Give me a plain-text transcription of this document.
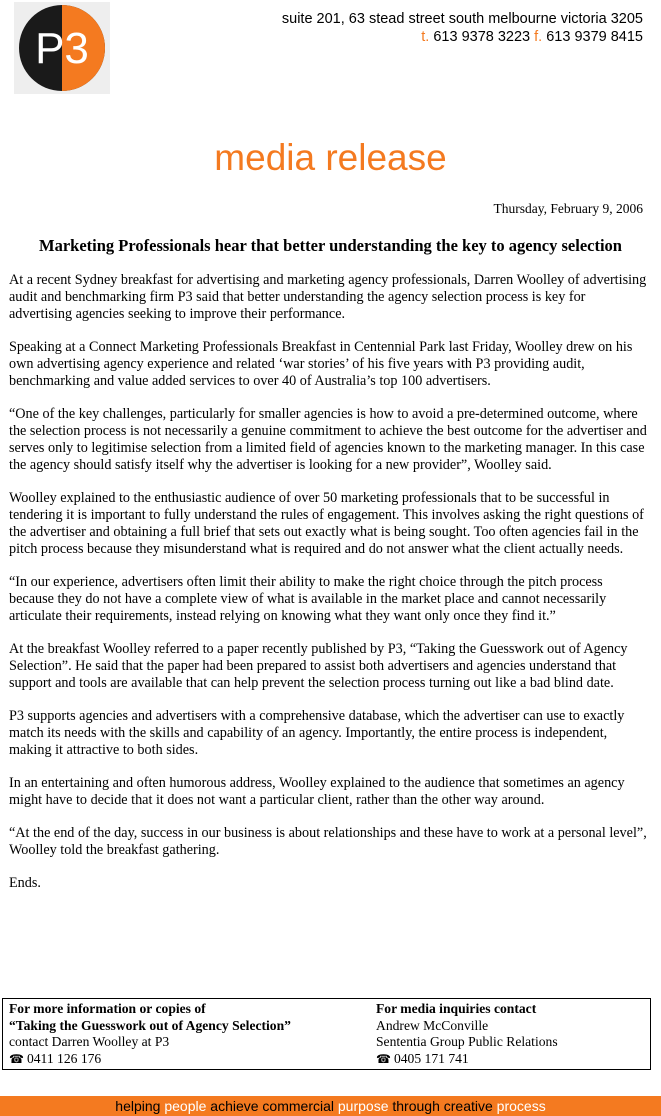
P3
suite 201, 63 stead street south melbourne victoria 3205
t. 613 9378 3223 f. 613 9379 8415
media release
Thursday, February 9, 2006
Marketing Professionals hear that better understanding the key to agency selection

At a recent Sydney breakfast for advertising and marketing agency professionals, Darren Woolley of advertising audit and benchmarking firm P3 said that better understanding the agency selection process is key for advertising agencies seeking to improve their performance.

Speaking at a Connect Marketing Professionals Breakfast in Centennial Park last Friday, Woolley drew on his own advertising agency experience and related ‘war stories’ of his five years with P3 providing audit, benchmarking and value added services to over 40 of Australia’s top 100 advertisers.

“One of the key challenges, particularly for smaller agencies is how to avoid a pre-determined outcome, where the selection process is not necessarily a genuine commitment to achieve the best outcome for the advertiser and serves only to legitimise selection from a limited field of agencies known to the marketing manager. In this case the agency should satisfy itself why the advertiser is looking for a new provider”, Woolley said.

Woolley explained to the enthusiastic audience of over 50 marketing professionals that to be successful in tendering it is important to fully understand the rules of engagement. This involves asking the right questions of the advertiser and obtaining a full brief that sets out exactly what is being sought. Too often agencies fail in the pitch process because they misunderstand what is required and do not answer what the client actually needs.

“In our experience, advertisers often limit their ability to make the right choice through the pitch process because they do not have a complete view of what is available in the market place and cannot necessarily articulate their requirements, instead relying on knowing what they want only once they find it.”

At the breakfast Woolley referred to a paper recently published by P3, “Taking the Guesswork out of Agency Selection”. He said that the paper had been prepared to assist both advertisers and agencies understand that support and tools are available that can help prevent the selection process turning out like a bad blind date.

P3 supports agencies and advertisers with a comprehensive database, which the advertiser can use to exactly match its needs with the skills and capability of an agency. Importantly, the entire process is independent, making it attractive to both sides.

In an entertaining and often humorous address, Woolley explained to the audience that sometimes an agency might have to decide that it does not want a particular client, rather than the other way around.

“At the end of the day, success in our business is about relationships and these have to work at a personal level”, Woolley told the breakfast gathering.

Ends.

For more information or copies of
“Taking the Guesswork out of Agency Selection”
contact Darren Woolley at P3
☎ 0411 126 176
For media inquiries contact
Andrew McConville
Sententia Group Public Relations
☎ 0405 171 741
helping people achieve commercial purpose through creative process
